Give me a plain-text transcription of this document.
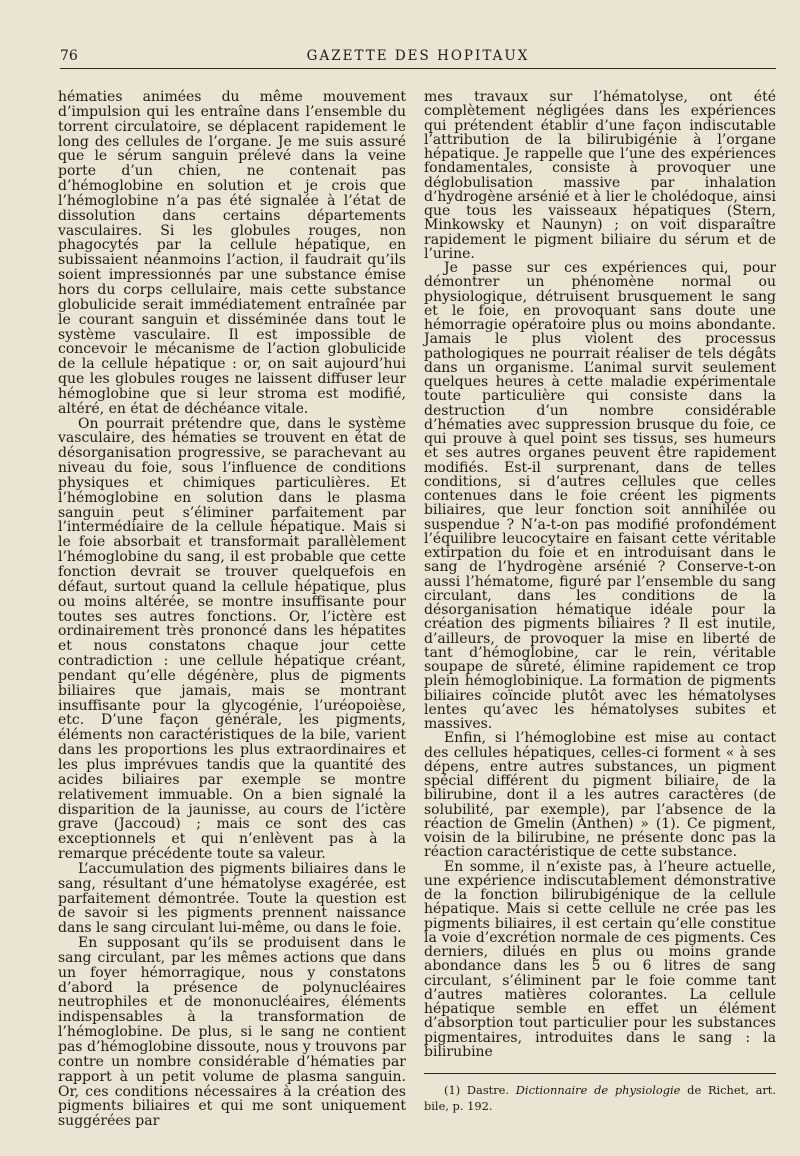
76	GAZETTE DES HOPITAUX

hématies animées du même mouvement d’impulsion qui les entraîne dans l’ensemble du torrent circulatoire, se déplacent rapidement le long des cellules de l’organe. Je me suis assuré que le sérum sanguin prélevé dans la veine porte d’un chien, ne contenait pas d’hémoglobine en solution et je crois que l’hémoglobine n’a pas été signalée à l’état de dissolution dans certains départements vasculaires. Si les globules rouges, non phagocytés par la cellule hépatique, en subissaient néanmoins l’action, il faudrait qu’ils soient impressionnés par une substance émise hors du corps cellulaire, mais cette substance globulicide serait immédiatement entraînée par le courant sanguin et disséminée dans tout le système vasculaire. Il est impossible de concevoir le mécanisme de l’action globulicide de la cellule hépatique : or, on sait aujourd’hui que les globules rouges ne laissent diffuser leur hémoglobine que si leur stroma est modifié, altéré, en état de déchéance vitale.

On pourrait prétendre que, dans le système vasculaire, des hématies se trouvent en état de désorganisation progressive, se parachevant au niveau du foie, sous l’influence de conditions physiques et chimiques particulières. Et l’hémoglobine en solution dans le plasma sanguin peut s’éliminer parfaitement par l’intermédiaire de la cellule hépatique. Mais si le foie absorbait et transformait parallèlement l’hémoglobine du sang, il est probable que cette fonction devrait se trouver quelquefois en défaut, surtout quand la cellule hépatique, plus ou moins altérée, se montre insuffisante pour toutes ses autres fonctions. Or, l’ictère est ordinairement très prononcé dans les hépatites et nous constatons chaque jour cette contradiction : une cellule hépatique créant, pendant qu’elle dégénère, plus de pigments biliaires que jamais, mais se montrant insuffisante pour la glycogénie, l’uréopoièse, etc. D’une façon générale, les pigments, éléments non caractéristiques de la bile, varient dans les proportions les plus extraordinaires et les plus imprévues tandis que la quantité des acides biliaires par exemple se montre relativement immuable. On a bien signalé la disparition de la jaunisse, au cours de l’ictère grave (Jaccoud) ; mais ce sont des cas exceptionnels et qui n’enlèvent pas à la remarque précédente toute sa valeur.

L’accumulation des pigments biliaires dans le sang, résultant d’une hématolyse exagérée, est parfaitement démontrée. Toute la question est de savoir si les pigments prennent naissance dans le sang circulant lui-même, ou dans le foie.

En supposant qu’ils se produisent dans le sang circulant, par les mêmes actions que dans un foyer hémorragique, nous y constatons d’abord la présence de polynucléaires neutrophiles et de mononucléaires, éléments indispensables à la transformation de l’hémoglobine. De plus, si le sang ne contient pas d’hémoglobine dissoute, nous y trouvons par contre un nombre considérable d’hématies par rapport à un petit volume de plasma sanguin. Or, ces conditions nécessaires à la création des pigments biliaires et qui me sont uniquement suggérées par

mes travaux sur l’hématolyse, ont été complètement négligées dans les expériences qui prétendent établir d’une façon indiscutable l’attribution de la bilirubigénie à l’organe hépatique. Je rappelle que l’une des expériences fondamentales, consiste à provoquer une déglobulisation massive par inhalation d’hydrogène arsénié et à lier le cholédoque, ainsi que tous les vaisseaux hépatiques (Stern, Minkowsky et Naunyn) ; on voit disparaître rapidement le pigment biliaire du sérum et de l’urine.

Je passe sur ces expériences qui, pour démontrer un phénomène normal ou physiologique, détruisent brusquement le sang et le foie, en provoquant sans doute une hémorragie opératoire plus ou moins abondante. Jamais le plus violent des processus pathologiques ne pourrait réaliser de tels dégâts dans un organisme. L’animal survit seulement quelques heures à cette maladie expérimentale toute particulière qui consiste dans la destruction d’un nombre considérable d’hématies avec suppression brusque du foie, ce qui prouve à quel point ses tissus, ses humeurs et ses autres organes peuvent être rapidement modifiés. Est-il surprenant, dans de telles conditions, si d’autres cellules que celles contenues dans le foie créent les pigments biliaires, que leur fonction soit annihilée ou suspendue ? N’a-t-on pas modifié profondément l’équilibre leucocytaire en faisant cette véritable extirpation du foie et en introduisant dans le sang de l’hydrogène arsénié ? Conserve-t-on aussi l’hématome, figuré par l’ensemble du sang circulant, dans les conditions de la désorganisation hématique idéale pour la création des pigments biliaires ? Il est inutile, d’ailleurs, de provoquer la mise en liberté de tant d’hémoglobine, car le rein, véritable soupape de sûreté, élimine rapidement ce trop plein hémoglobinique. La formation de pigments biliaires coïncide plutôt avec les hématolyses lentes qu’avec les hématolyses subites et massives.

Enfin, si l’hémoglobine est mise au contact des cellules hépatiques, celles-ci forment « à ses dépens, entre autres substances, un pigment spécial différent du pigment biliaire, de la bilirubine, dont il a les autres caractères (de solubilité, par exemple), par l’absence de la réaction de Gmelin (Anthen) » (1). Ce pigment, voisin de la bilirubine, ne présente donc pas la réaction caractéristique de cette substance.

En somme, il n’existe pas, à l’heure actuelle, une expérience indiscutablement démonstrative de la fonction bilirubigénique de la cellule hépatique. Mais si cette cellule ne crée pas les pigments biliaires, il est certain qu’elle constitue la voie d’excrétion normale de ces pigments. Ces derniers, dilués en plus ou moins grande abondance dans les 5 ou 6 litres de sang circulant, s’éliminent par le foie comme tant d’autres matières colorantes. La cellule hépatique semble en effet un élément d’absorption tout particulier pour les substances pigmentaires, introduites dans le sang : la bilirubine

(1) Dastre. Dictionnaire de physiologie de Richet, art. bile, p. 192.
